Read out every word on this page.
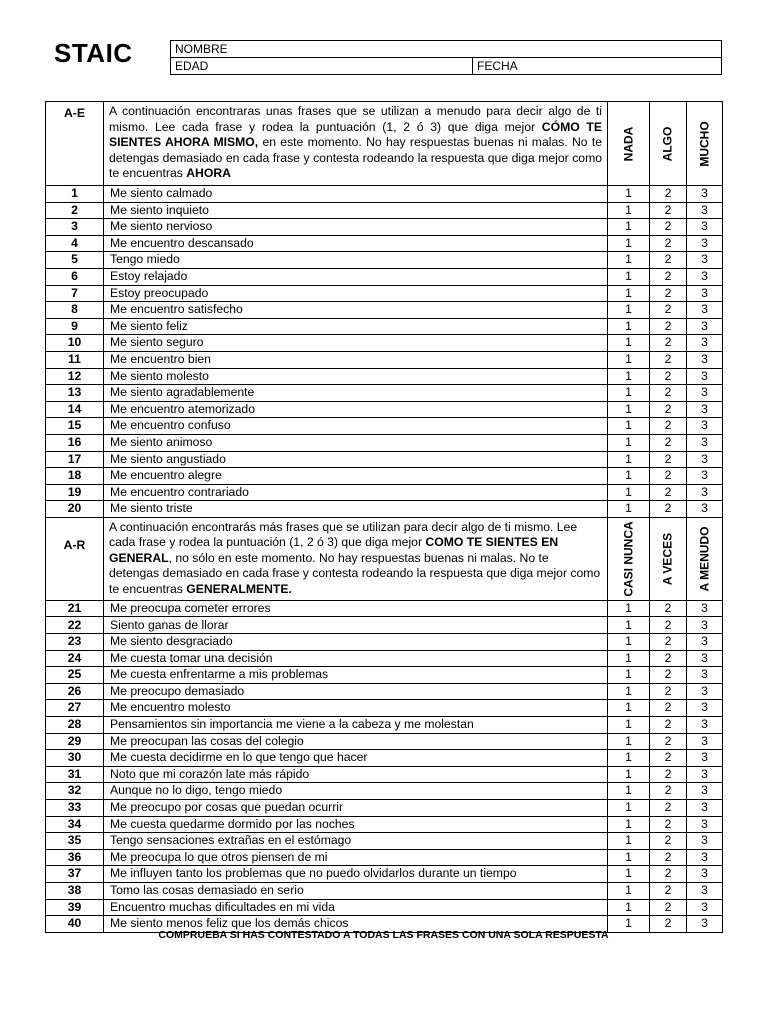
STAIC	NOMBRE
EDAD	FECHA
A-E	A continuación encontraras unas frases que se utilizan a menudo para decir algo de ti mismo. Lee cada frase y rodea la puntuación (1, 2 ó 3) que diga mejor CÓMO TE SIENTES AHORA MISMO, en este momento. No hay respuestas buenas ni malas. No te detengas demasiado en cada frase y contesta rodeando la respuesta que diga mejor como te encuentras AHORA	NADA	ALGO	MUCHO

1	Me siento calmado	1	2	3
2	Me siento inquieto	1	2	3
3	Me siento nervioso	1	2	3
4	Me encuentro descansado	1	2	3
5	Tengo miedo	1	2	3
6	Estoy relajado	1	2	3
7	Estoy preocupado	1	2	3
8	Me encuentro satisfecho	1	2	3
9	Me siento feliz	1	2	3
10	Me siento seguro	1	2	3
11	Me encuentro bien	1	2	3
12	Me siento molesto	1	2	3
13	Me siento agradablemente	1	2	3
14	Me encuentro atemorizado	1	2	3
15	Me encuentro confuso	1	2	3
16	Me siento animoso	1	2	3
17	Me siento angustiado	1	2	3
18	Me encuentro alegre	1	2	3
19	Me encuentro contrariado	1	2	3
20	Me siento triste	1	2	3
A-R	A continuación encontrarás más frases que se utilizan para decir algo de ti mismo. Lee cada frase y rodea la puntuación (1, 2 ó 3) que diga mejor COMO TE SIENTES EN GENERAL, no sólo en este momento. No hay respuestas buenas ni malas. No te detengas demasiado en cada frase y contesta rodeando la respuesta que diga mejor como te encuentras GENERALMENTE.	CASI NUNCA	A VECES	A MENUDO

21	Me preocupa cometer errores	1	2	3
22	Siento ganas de llorar	1	2	3
23	Me siento desgraciado	1	2	3
24	Me cuesta tomar una decisión	1	2	3
25	Me cuesta enfrentarme a mis problemas	1	2	3
26	Me preocupo demasiado	1	2	3
27	Me encuentro molesto	1	2	3
28	Pensamientos sin importancia me viene a la cabeza y me molestan	1	2	3
29	Me preocupan las cosas del colegio	1	2	3
30	Me cuesta decidirme en lo que tengo que hacer	1	2	3
31	Noto que mi corazón late más rápido	1	2	3
32	Aunque no lo digo, tengo miedo	1	2	3
33	Me preocupo por cosas que puedan ocurrir	1	2	3
34	Me cuesta quedarme dormido por las noches	1	2	3
35	Tengo sensaciones extrañas en el estómago	1	2	3
36	Me preocupa lo que otros piensen de mi	1	2	3
37	Me influyen tanto los problemas que no puedo olvidarlos durante un tiempo	1	2	3
38	Tomo las cosas demasiado en serio	1	2	3
39	Encuentro muchas dificultades en mi vida	1	2	3
40	Me siento menos feliz que los demás chicos	1	2	3
COMPRUEBA SI HAS CONTESTADO A TODAS LAS FRASES CON UNA SOLA RESPUESTA
